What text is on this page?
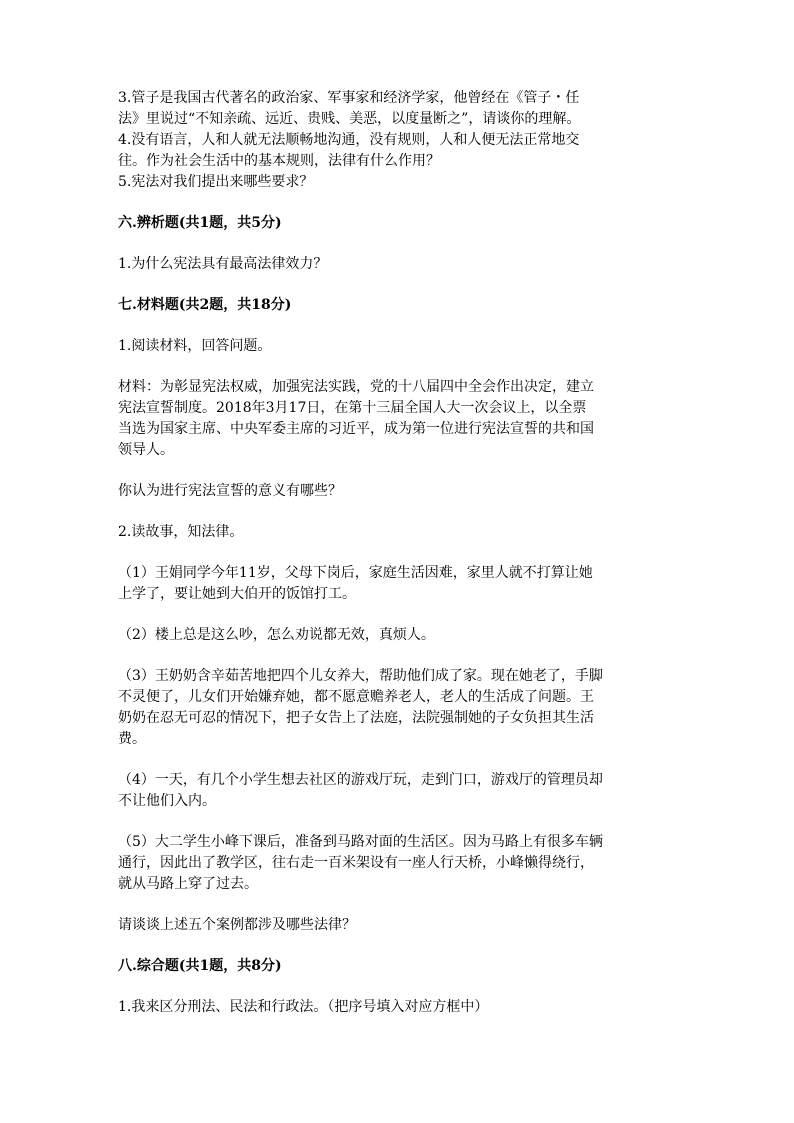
3.管子是我国古代著名的政治家、军事家和经济学家，他曾经在《管子・任

法》里说过“不知亲疏、远近、贵贱、美恶，以度量断之”，请谈你的理解。

4.没有语言，人和人就无法顺畅地沟通，没有规则，人和人便无法正常地交

往。作为社会生活中的基本规则，法律有什么作用？

5.宪法对我们提出来哪些要求？

六.辨析题(共1题，共5分)

1.为什么宪法具有最高法律效力？

七.材料题(共2题，共18分)

1.阅读材料，回答问题。

材料：为彰显宪法权威，加强宪法实践，党的十八届四中全会作出决定，建立

宪法宣誓制度。2018年3月17日，在第十三届全国人大一次会议上，以全票

当选为国家主席、中央军委主席的习近平，成为第一位进行宪法宣誓的共和国

领导人。

你认为进行宪法宣誓的意义有哪些？

2.读故事，知法律。

（1）王娟同学今年11岁，父母下岗后，家庭生活因难，家里人就不打算让她

上学了，要让她到大伯开的饭馆打工。

（2）楼上总是这么吵，怎么劝说都无效，真烦人。

（3）王奶奶含辛茹苦地把四个儿女养大，帮助他们成了家。现在她老了，手脚

不灵便了，儿女们开始嫌弃她，都不愿意赡养老人，老人的生活成了问题。王

奶奶在忍无可忍的情况下，把子女告上了法庭，法院强制她的子女负担其生活

费。

（4）一天，有几个小学生想去社区的游戏厅玩，走到门口，游戏厅的管理员却

不让他们入内。

（5）大二学生小峰下课后，准备到马路对面的生活区。因为马路上有很多车辆

通行，因此出了教学区，往右走一百米架设有一座人行天桥，小峰懒得绕行，

就从马路上穿了过去。

请谈谈上述五个案例都涉及哪些法律？

八.综合题(共1题，共8分)

1.我来区分刑法、民法和行政法。（把序号填入对应方框中）
